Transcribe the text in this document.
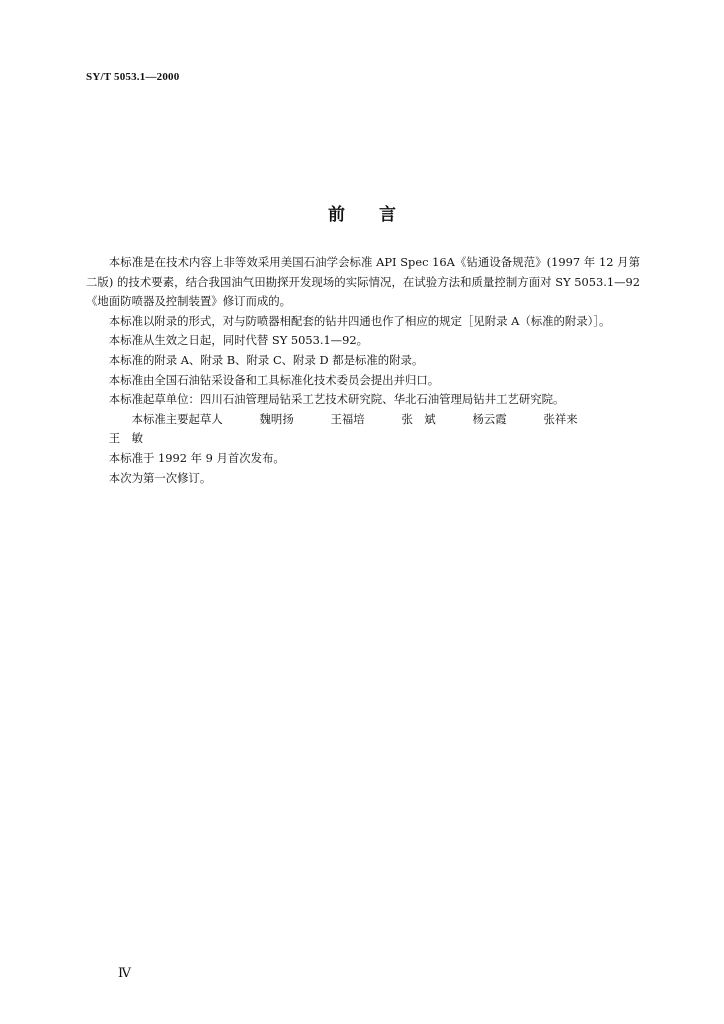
SY/T 5053.1—2000
前 言

本标准是在技术内容上非等效采用美国石油学会标准 API Spec 16A《钻通设备规范》(1997 年 12 月第二版) 的技术要素，结合我国油气田勘探开发现场的实际情况，在试验方法和质量控制方面对 SY 5053.1—92《地面防喷器及控制装置》修订而成的。

本标准以附录的形式，对与防喷器相配套的钻井四通也作了相应的规定［见附录 A（标准的附录）］。

本标准从生效之日起，同时代替 SY 5053.1—92。

本标准的附录 A、附录 B、附录 C、附录 D 都是标准的附录。

本标准由全国石油钻采设备和工具标准化技术委员会提出并归口。

本标准起草单位：四川石油管理局钻采工艺技术研究院、华北石油管理局钻井工艺研究院。

本标准主要起草人	魏明扬	王福培	张　斌	杨云霞	张祥来王　敏

本标准于 1992 年 9 月首次发布。

本次为第一次修订。

Ⅳ
